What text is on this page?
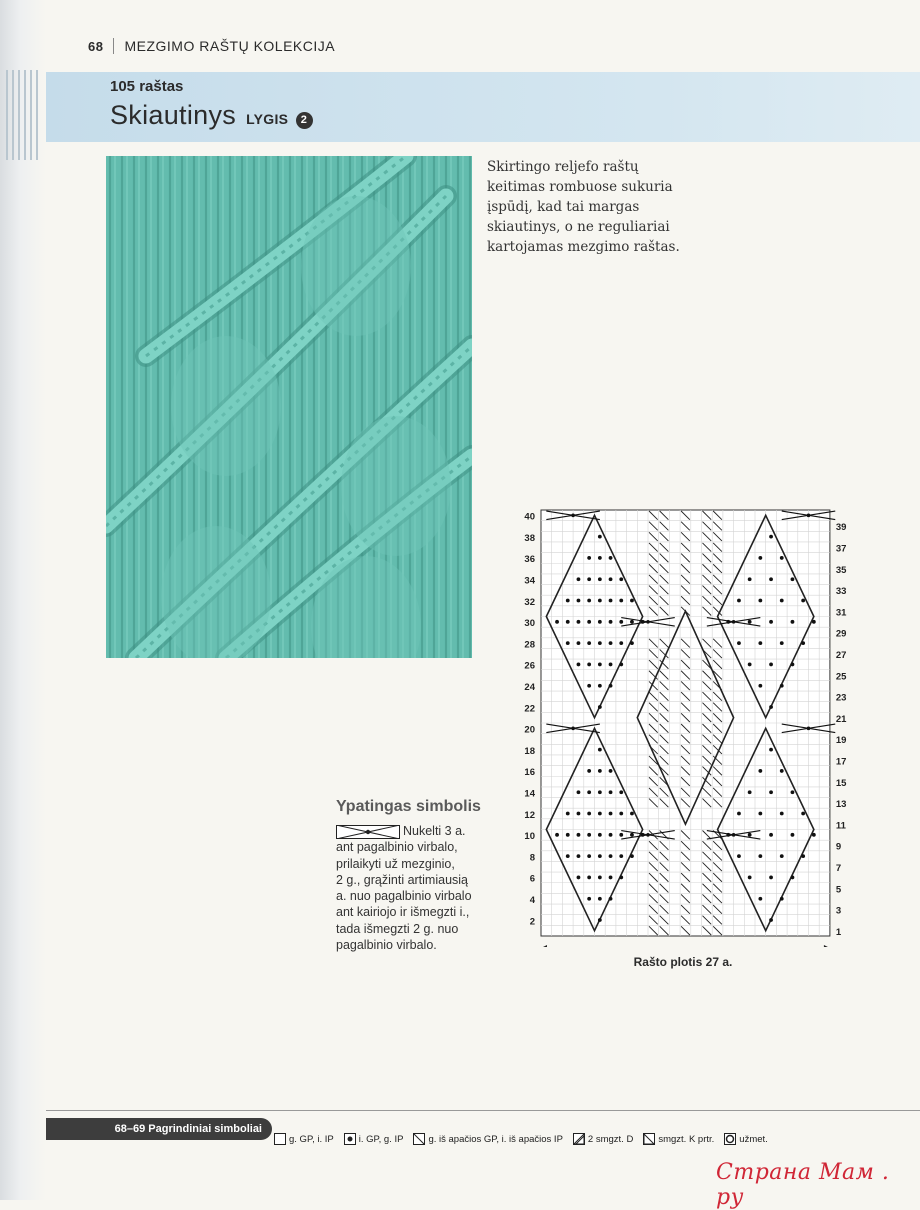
68 MEZGIMO RAŠTŲ KOLEKCIJA
105 raštas
Skiautinys LYGIS 2
Skirtingo reljefo raštų
keitimas rombuose sukuria
įspūdį, kad tai margas
skiautinys, o ne reguliariai
kartojamas mezgimo raštas.
40
38
36
34
32
30
28
26
24
22
20
18
16
14
12
10
8
6
4
2
39
37
35
33
31
29
27
25
23
21
19
17
15
13
11
9
7
5
3
1
Rašto plotis 27 a.
Ypatingas simbolis
Nukelti 3 a.
ant pagalbinio virbalo,
prilaikyti už mezginio,
2 g., grąžinti artimiausią
a. nuo pagalbinio virbalo
ant kairiojo ir išmegzti i.,
tada išmegzti 2 g. nuo
pagalbinio virbalo.
68–69 Pagrindiniai simboliai
g. GP, i. IP	i. GP, g. IP	g. iš apačios GP, i. iš apačios IP	2 smgzt. D	smgzt. K prtr.	užmet.
Страна Мам . ру
